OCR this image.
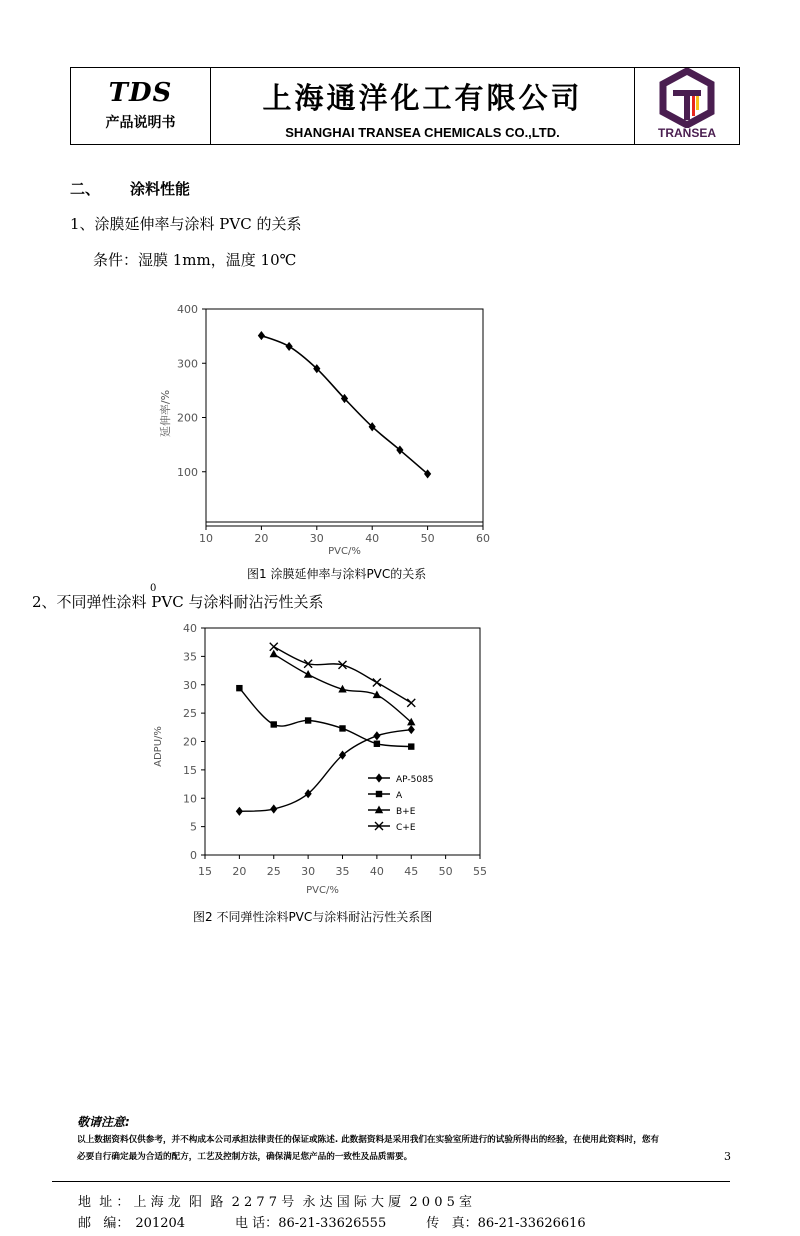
TDS
产品说明书
上海通洋化工有限公司
SHANGHAI TRANSEA CHEMICALS CO.,LTD.	TRANSEA
二、 涂料性能
1、涂膜延伸率与涂料 PVC 的关系
条件：湿膜 1mm，温度 10℃
10	20	30	40	50	60
100
200
300
400
PVC/%
延伸率/%
图1 涂膜延伸率与涂料PVC的关系
2、不同弹性涂料 PVC 与涂料耐沾污性关系
0
15 20 25 30 35 40 45 50 55
0
5
10
15
20
25
30
35
40
PVC/%
ADPU/%
AP-5085
A
B+E
C+E
图2 不同弹性涂料PVC与涂料耐沾污性关系图
敬请注意:
以上数据资料仅供参考，并不构成本公司承担法律责任的保证或陈述. 此数据资料是采用我们在实验室所进行的试验所得出的经验，在使用此资料时，您有必要自行确定最为合适的配方，工艺及控制方法，确保满足您产品的一致性及品质需要。	3
地  址 ： 上 海 龙  阳  路  2 2 7 7 号  永 达 国 际 大 厦  2 0 0 5 室
邮   编： 201204	电 话：86-21-33626555	传   真：86-21-33626616
